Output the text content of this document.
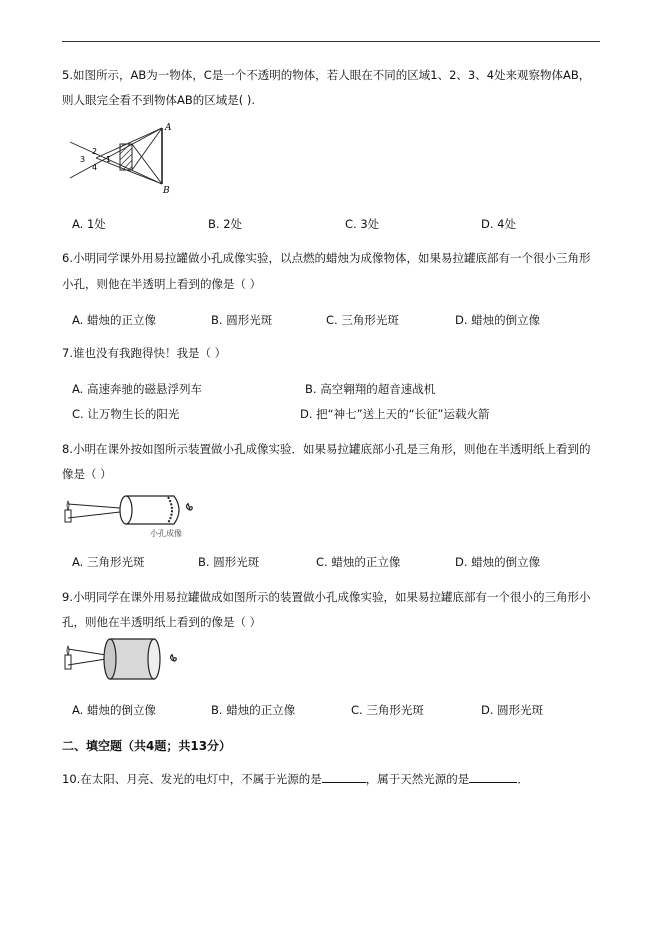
5.如图所示，AB为一物体，C是一个不透明的物体，若人眼在不同的区域1、2、3、4处来观察物体AB，
则人眼完全看不到物体AB的区域是( ).
A
B
1
2
3
4
A. 1处	B. 2处	C. 3处	D. 4处
6.小明同学课外用易拉罐做小孔成像实验，以点燃的蜡烛为成像物体，如果易拉罐底部有一个很小三角形
小孔，则他在半透明上看到的像是（ ）
A. 蜡烛的正立像	B. 圆形光斑	C. 三角形光斑	D. 蜡烛的倒立像
7.谁也没有我跑得快！我是（ ）
A. 高速奔驰的磁悬浮列车	B. 高空翱翔的超音速战机
C. 让万物生长的阳光	D. 把“神七”送上天的“长征”运载火箭
8.小明在课外按如图所示装置做小孔成像实验．如果易拉罐底部小孔是三角形，则他在半透明纸上看到的
像是（ ）
小孔成像
A. 三角形光斑	B. 圆形光斑	C. 蜡烛的正立像	D. 蜡烛的倒立像
9.小明同学在课外用易拉罐做成如图所示的装置做小孔成像实验，如果易拉罐底部有一个很小的三角形小
孔，则他在半透明纸上看到的像是（ ）
A. 蜡烛的倒立像	B. 蜡烛的正立像	C. 三角形光斑	D. 圆形光斑
二、填空题（共4题；共13分）
10.在太阳、月亮、发光的电灯中，不属于光源的是	，属于天然光源的是	．
